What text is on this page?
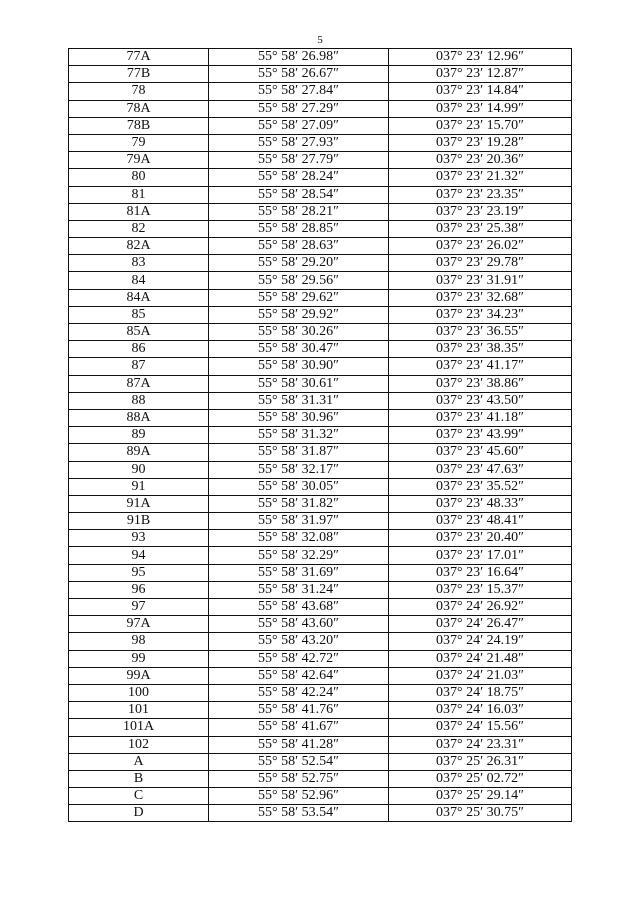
5
77A	55° 58′ 26.98″	037° 23′ 12.96″
77B	55° 58′ 26.67″	037° 23′ 12.87″
78	55° 58′ 27.84″	037° 23′ 14.84″
78A	55° 58′ 27.29″	037° 23′ 14.99″
78B	55° 58′ 27.09″	037° 23′ 15.70″
79	55° 58′ 27.93″	037° 23′ 19.28″
79A	55° 58′ 27.79″	037° 23′ 20.36″
80	55° 58′ 28.24″	037° 23′ 21.32″
81	55° 58′ 28.54″	037° 23′ 23.35″
81A	55° 58′ 28.21″	037° 23′ 23.19″
82	55° 58′ 28.85″	037° 23′ 25.38″
82A	55° 58′ 28.63″	037° 23′ 26.02″
83	55° 58′ 29.20″	037° 23′ 29.78″
84	55° 58′ 29.56″	037° 23′ 31.91″
84A	55° 58′ 29.62″	037° 23′ 32.68″
85	55° 58′ 29.92″	037° 23′ 34.23″
85A	55° 58′ 30.26″	037° 23′ 36.55″
86	55° 58′ 30.47″	037° 23′ 38.35″
87	55° 58′ 30.90″	037° 23′ 41.17″
87A	55° 58′ 30.61″	037° 23′ 38.86″
88	55° 58′ 31.31″	037° 23′ 43.50″
88A	55° 58′ 30.96″	037° 23′ 41.18″
89	55° 58′ 31.32″	037° 23′ 43.99″
89A	55° 58′ 31.87″	037° 23′ 45.60″
90	55° 58′ 32.17″	037° 23′ 47.63″
91	55° 58′ 30.05″	037° 23′ 35.52″
91A	55° 58′ 31.82″	037° 23′ 48.33″
91B	55° 58′ 31.97″	037° 23′ 48.41″
93	55° 58′ 32.08″	037° 23′ 20.40″
94	55° 58′ 32.29″	037° 23′ 17.01″
95	55° 58′ 31.69″	037° 23′ 16.64″
96	55° 58′ 31.24″	037° 23′ 15.37″
97	55° 58′ 43.68″	037° 24′ 26.92″
97A	55° 58′ 43.60″	037° 24′ 26.47″
98	55° 58′ 43.20″	037° 24′ 24.19″
99	55° 58′ 42.72″	037° 24′ 21.48″
99A	55° 58′ 42.64″	037° 24′ 21.03″
100	55° 58′ 42.24″	037° 24′ 18.75″
101	55° 58′ 41.76″	037° 24′ 16.03″
101A	55° 58′ 41.67″	037° 24′ 15.56″
102	55° 58′ 41.28″	037° 24′ 23.31″
A	55° 58′ 52.54″	037° 25′ 26.31″
B	55° 58′ 52.75″	037° 25′ 02.72″
C	55° 58′ 52.96″	037° 25′ 29.14″
D	55° 58′ 53.54″	037° 25′ 30.75″
